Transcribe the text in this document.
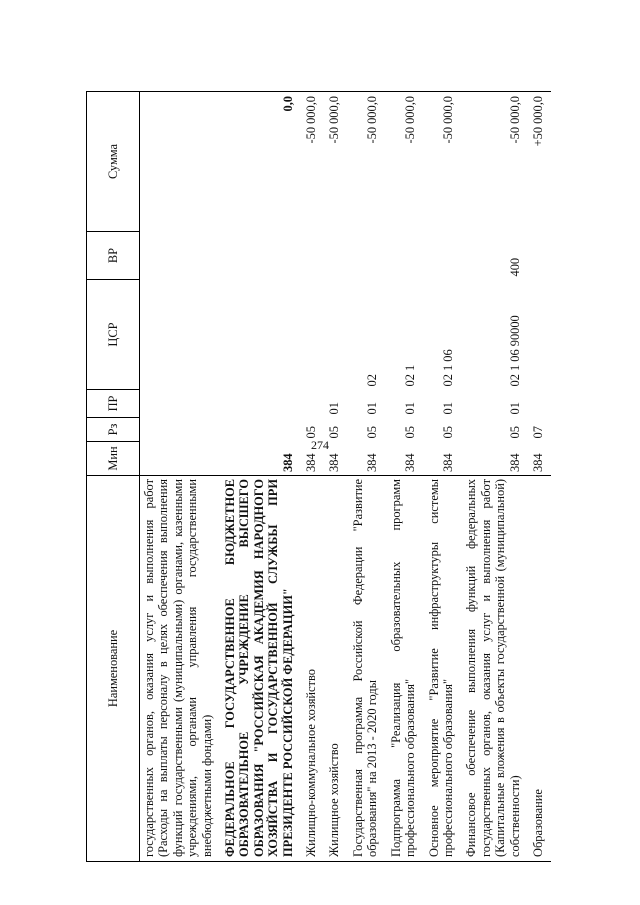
274
Наименование	Мин	Рз	ПР	ЦСР	ВР	Сумма
государственных органов, оказания услуг и выполнения работ (Расходы на выплаты персоналу в целях обеспечения выполнения функций государственными (муниципальными) органами, казенными учреждениями, органами управления государственными внебюджетными фондами)						
ФЕДЕРАЛЬНОЕ ГОСУДАРСТВЕННОЕ БЮДЖЕТНОЕ ОБРАЗОВАТЕЛЬНОЕ УЧРЕЖДЕНИЕ ВЫСШЕГО ОБРАЗОВАНИЯ "РОССИЙСКАЯ АКАДЕМИЯ НАРОДНОГО ХОЗЯЙСТВА И ГОСУДАРСТВЕННОЙ СЛУЖБЫ ПРИ ПРЕЗИДЕНТЕ РОССИЙСКОЙ ФЕДЕРАЦИИ"	384					0,0
Жилищно-коммунальное хозяйство	384	05				-50 000,0
Жилищное хозяйство	384	05	01			-50 000,0
Государственная программа Российской Федерации "Развитие образования" на 2013 - 2020 годы	384	05	01	02		-50 000,0
Подпрограмма "Реализация образовательных программ профессионального образования"	384	05	01	02 1		-50 000,0
Основное мероприятие "Развитие инфраструктуры системы профессионального образования"	384	05	01	02 1 06		-50 000,0
Финансовое обеспечение выполнения функций федеральных государственных органов, оказания услуг и выполнения работ (Капитальные вложения в объекты государственной (муниципальной) собственности)	384	05	01	02 1 06 90000	400	-50 000,0
Образование	384	07				+50 000,0
